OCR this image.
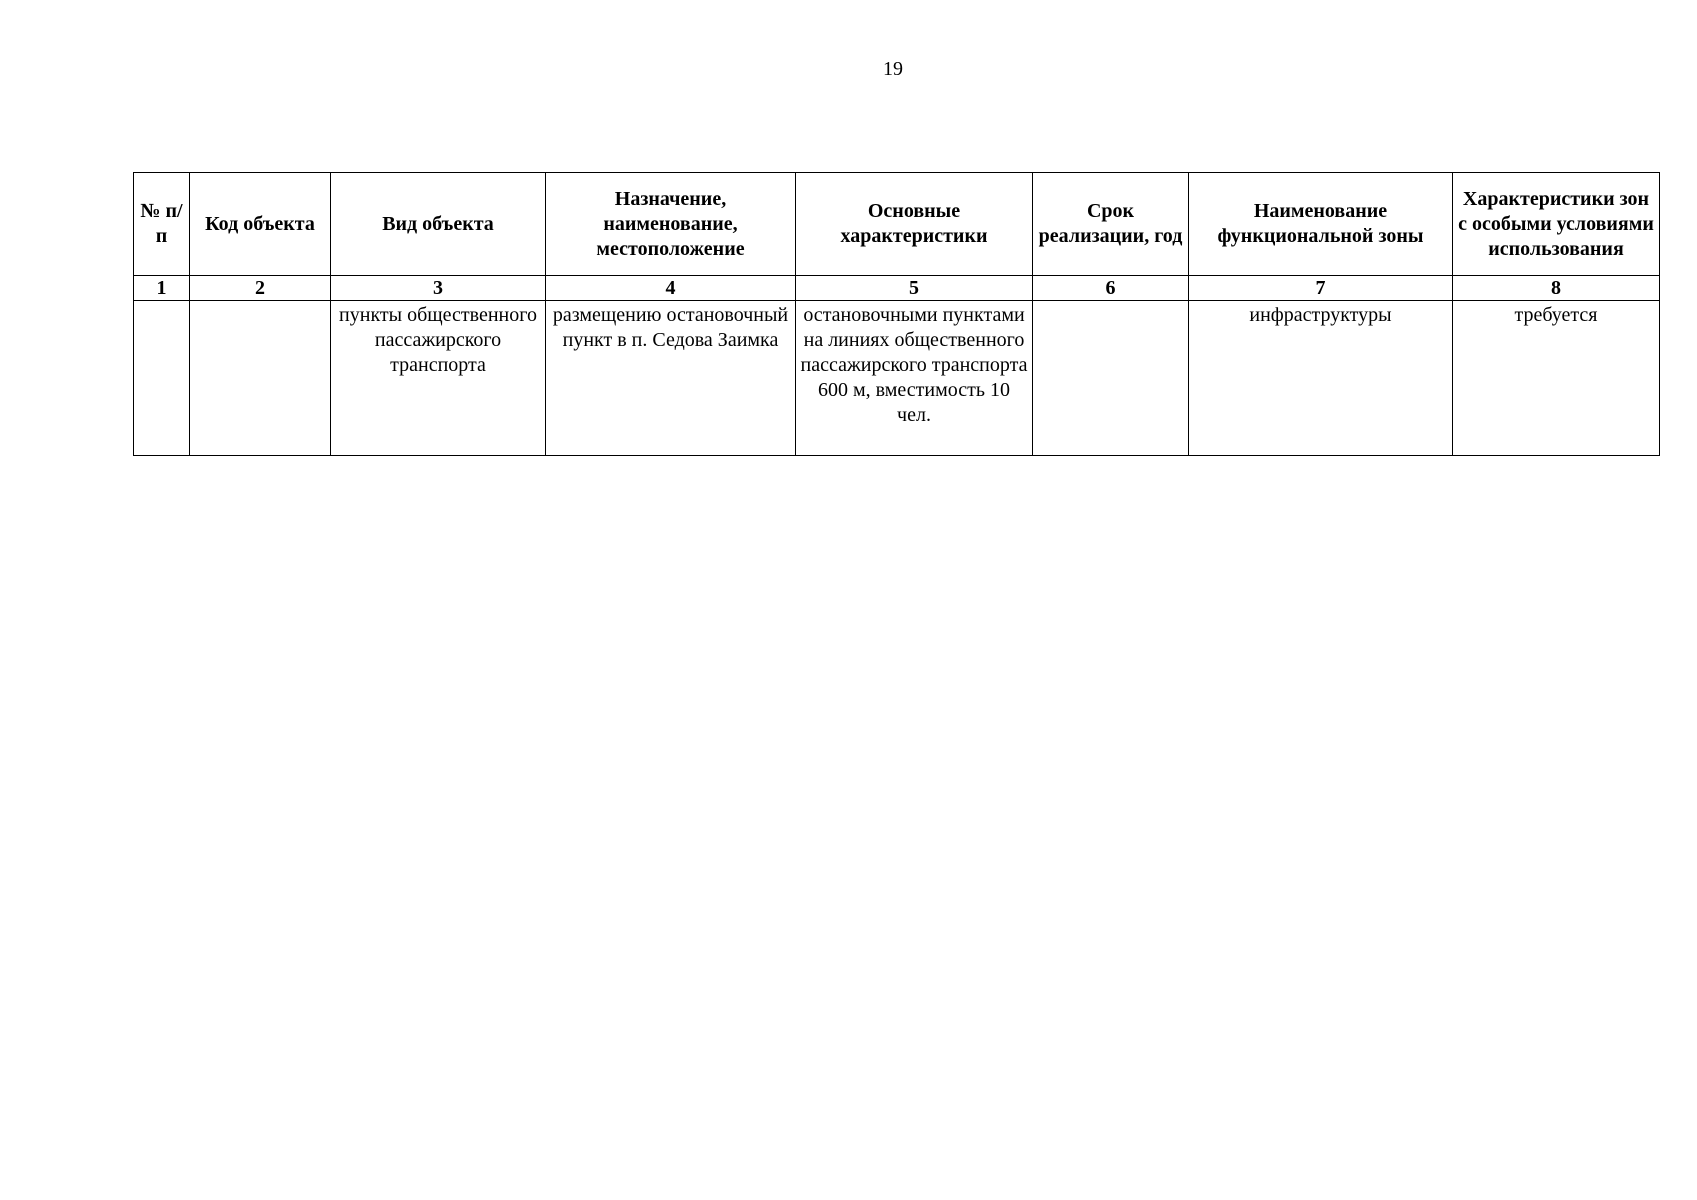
19
№ п/п	Код объекта	Вид объекта	Назначение, наименование, местоположение	Основные характеристики	Срок реализации, год	Наименование функциональной зоны	Характеристики зон с особыми условиями использования
1	2	3	4	5	6	7	8
		пункты общественного пассажирского транспорта	размещению остановочный пункт в п. Седова Заимка	остановочными пунктами на линиях общественного пассажирского транспорта 600 м, вместимость 10 чел.		инфраструктуры	требуется
